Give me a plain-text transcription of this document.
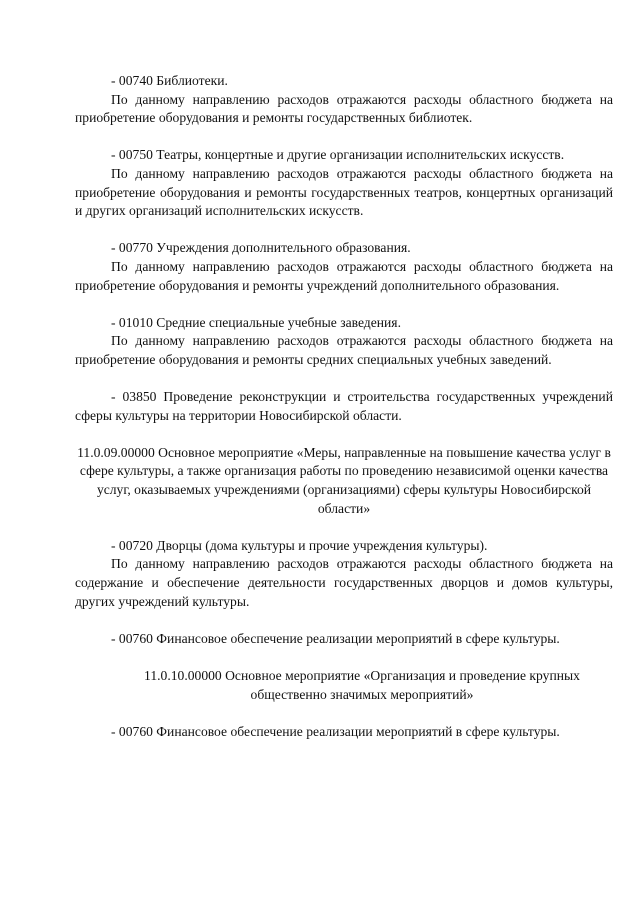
- 00740 Библиотеки.

По данному направлению расходов отражаются расходы областного бюджета на приобретение оборудования и ремонты государственных библиотек.

- 00750 Театры, концертные и другие организации исполнительских искусств.

По данному направлению расходов отражаются расходы областного бюджета на приобретение оборудования и ремонты государственных театров, концертных организаций и других организаций исполнительских искусств.

- 00770 Учреждения дополнительного образования.

По данному направлению расходов отражаются расходы областного бюджета на приобретение оборудования и ремонты учреждений дополнительного образования.

- 01010 Средние специальные учебные заведения.

По данному направлению расходов отражаются расходы областного бюджета на приобретение оборудования и ремонты средних специальных учебных заведений.

- 03850 Проведение реконструкции и строительства государственных учреждений сферы культуры на территории Новосибирской области.

11.0.09.00000 Основное мероприятие «Меры, направленные на повышение качества услуг в сфере культуры, а также организация работы по проведению независимой оценки качества услуг, оказываемых учреждениями (организациями) сферы культуры Новосибирской области»

- 00720 Дворцы (дома культуры и прочие учреждения культуры).

По данному направлению расходов отражаются расходы областного бюджета на содержание и обеспечение деятельности государственных дворцов и домов культуры, других учреждений культуры.

- 00760 Финансовое обеспечение реализации мероприятий в сфере культуры.

11.0.10.00000 Основное мероприятие «Организация и проведение крупных общественно значимых мероприятий»

- 00760 Финансовое обеспечение реализации мероприятий в сфере культуры.
